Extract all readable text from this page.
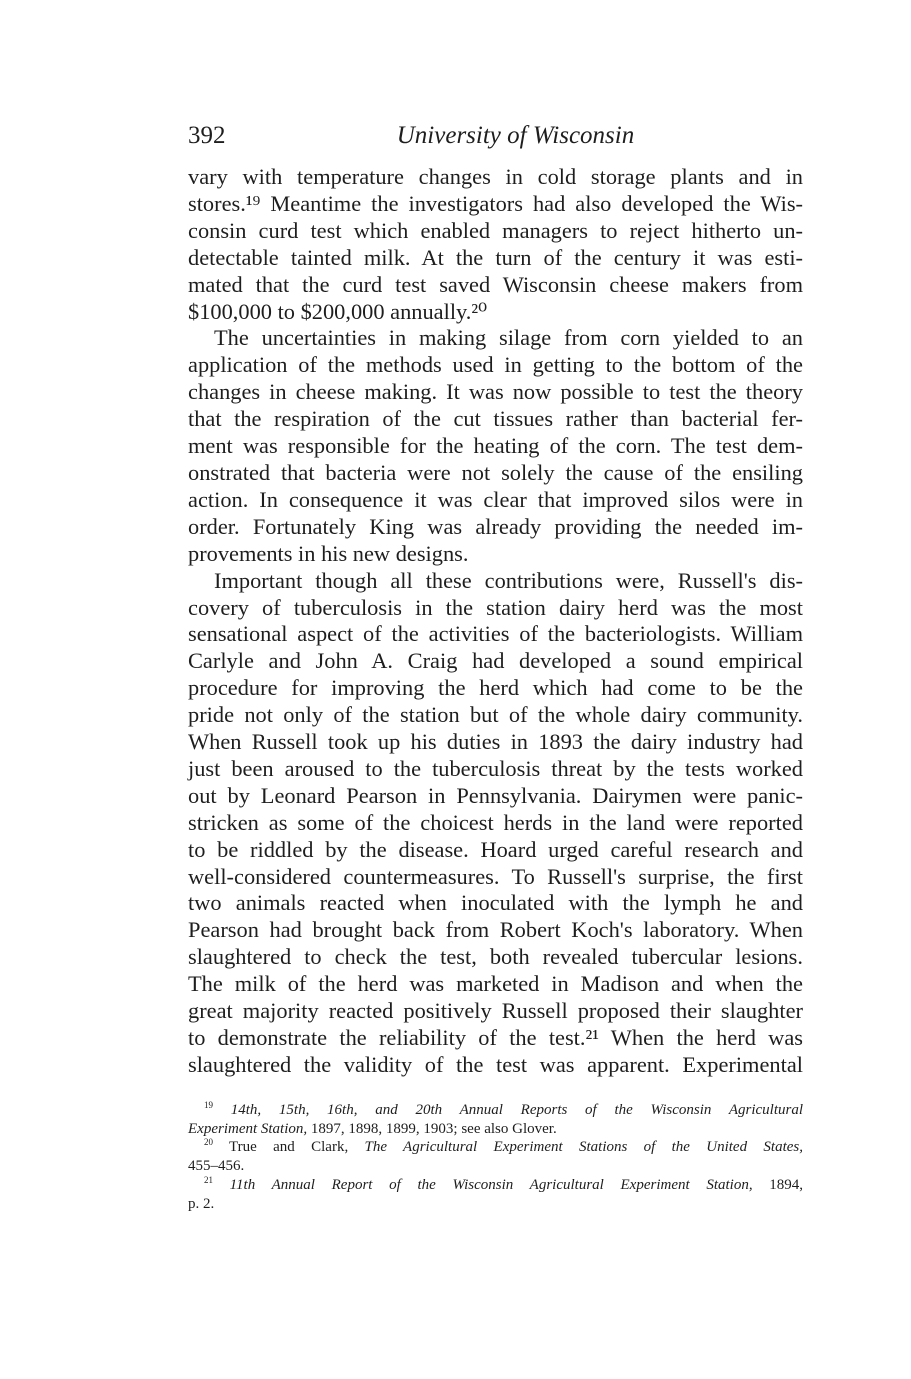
392	University of Wisconsin
vary with temperature changes in cold storage plants and in
stores.¹⁹ Meantime the investigators had also developed the Wis-
consin curd test which enabled managers to reject hitherto un-
detectable tainted milk. At the turn of the century it was esti-
mated that the curd test saved Wisconsin cheese makers from
$100,000 to $200,000 annually.²⁰
The uncertainties in making silage from corn yielded to an
application of the methods used in getting to the bottom of the
changes in cheese making. It was now possible to test the theory
that the respiration of the cut tissues rather than bacterial fer-
ment was responsible for the heating of the corn. The test dem-
onstrated that bacteria were not solely the cause of the ensiling
action. In consequence it was clear that improved silos were in
order. Fortunately King was already providing the needed im-
provements in his new designs.
Important though all these contributions were, Russell's dis-
covery of tuberculosis in the station dairy herd was the most
sensational aspect of the activities of the bacteriologists. William
Carlyle and John A. Craig had developed a sound empirical
procedure for improving the herd which had come to be the
pride not only of the station but of the whole dairy community.
When Russell took up his duties in 1893 the dairy industry had
just been aroused to the tuberculosis threat by the tests worked
out by Leonard Pearson in Pennsylvania. Dairymen were panic-
stricken as some of the choicest herds in the land were reported
to be riddled by the disease. Hoard urged careful research and
well-considered countermeasures. To Russell's surprise, the first
two animals reacted when inoculated with the lymph he and
Pearson had brought back from Robert Koch's laboratory. When
slaughtered to check the test, both revealed tubercular lesions.
The milk of the herd was marketed in Madison and when the
great majority reacted positively Russell proposed their slaughter
to demonstrate the reliability of the test.²¹ When the herd was
slaughtered the validity of the test was apparent. Experimental
$^{19}$ 14th, 15th, 16th, and 20th Annual Reports of the Wisconsin Agricultural
Experiment Station, 1897, 1898, 1899, 1903; see also Glover.
$^{20}$ True and Clark, The Agricultural Experiment Stations of the United States,
455–456.
$^{21}$ 11th Annual Report of the Wisconsin Agricultural Experiment Station, 1894,
p. 2.
